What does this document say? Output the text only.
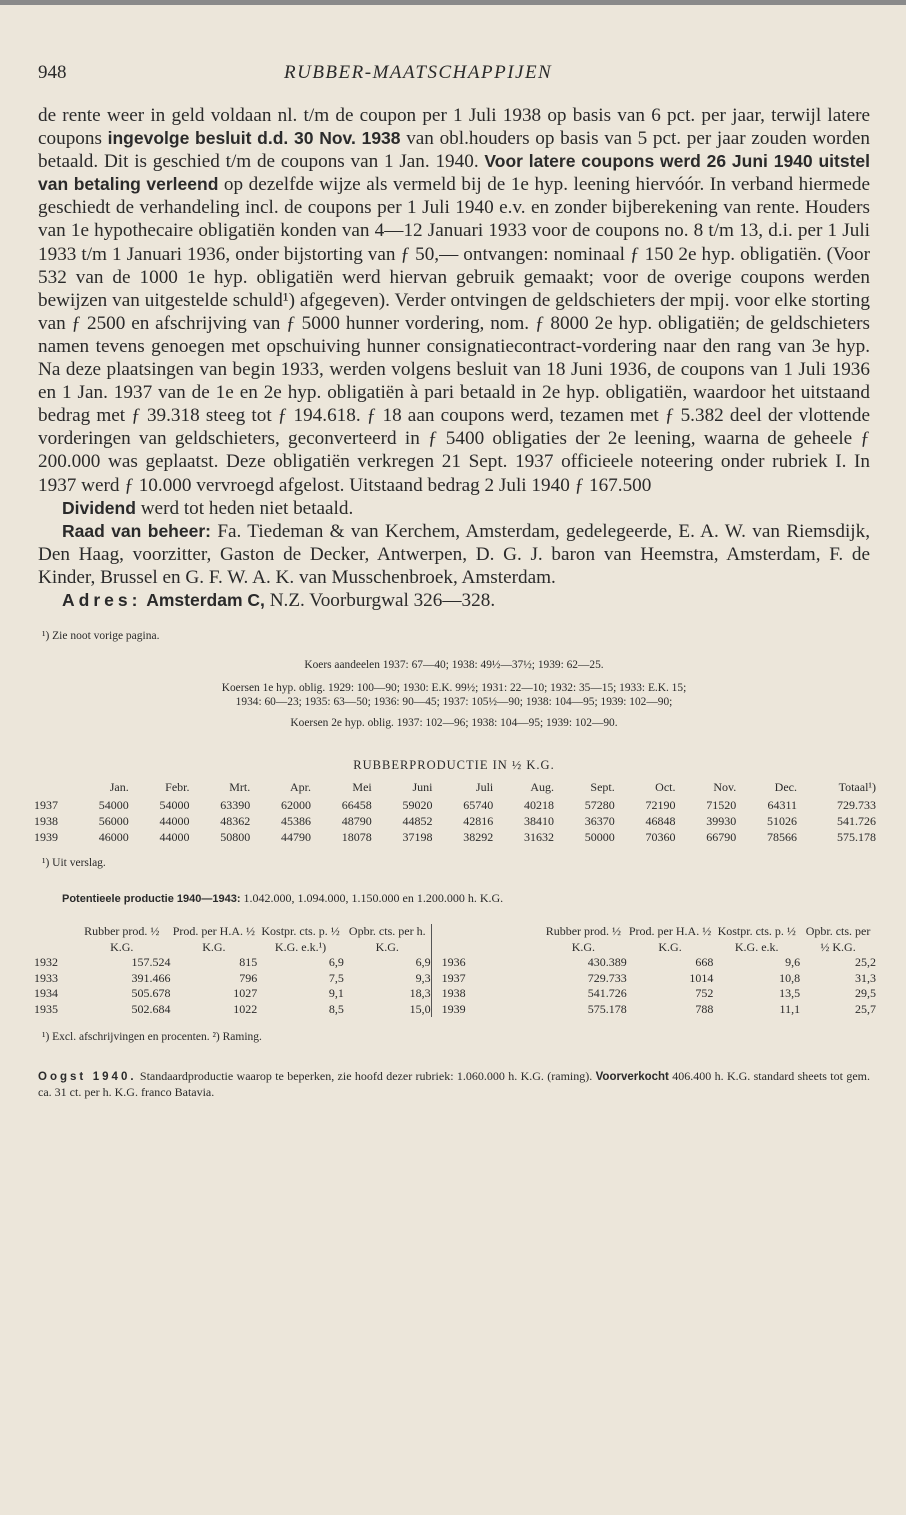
948	RUBBER-MAATSCHAPPIJEN

de rente weer in geld voldaan nl. t/m de coupon per 1 Juli 1938 op basis van 6 pct. per jaar, terwijl latere coupons ingevolge besluit d.d. 30 Nov. 1938 van obl.houders op basis van 5 pct. per jaar zouden worden betaald. Dit is geschied t/m de coupons van 1 Jan. 1940. Voor latere coupons werd 26 Juni 1940 uitstel van betaling verleend op dezelfde wijze als vermeld bij de 1e hyp. leening hiervóór. In verband hiermede geschiedt de verhandeling incl. de coupons per 1 Juli 1940 e.v. en zonder bijberekening van rente. Houders van 1e hypothecaire obligatiën konden van 4—12 Januari 1933 voor de coupons no. 8 t/m 13, d.i. per 1 Juli 1933 t/m 1 Januari 1936, onder bijstorting van ƒ 50,— ontvangen: nominaal ƒ 150 2e hyp. obligatiën. (Voor 532 van de 1000 1e hyp. obligatiën werd hiervan gebruik gemaakt; voor de overige coupons werden bewijzen van uitgestelde schuld¹) afgegeven). Verder ontvingen de geldschieters der mpij. voor elke storting van ƒ 2500 en afschrijving van ƒ 5000 hunner vordering, nom. ƒ 8000 2e hyp. obligatiën; de geldschieters namen tevens genoegen met opschuiving hunner consignatiecontract-vordering naar den rang van 3e hyp. Na deze plaatsingen van begin 1933, werden volgens besluit van 18 Juni 1936, de coupons van 1 Juli 1936 en 1 Jan. 1937 van de 1e en 2e hyp. obligatiën à pari betaald in 2e hyp. obligatiën, waardoor het uitstaand bedrag met ƒ 39.318 steeg tot ƒ 194.618. ƒ 18 aan coupons werd, tezamen met ƒ 5.382 deel der vlottende vorderingen van geldschieters, geconverteerd in ƒ 5400 obligaties der 2e leening, waarna de geheele ƒ 200.000 was geplaatst. Deze obligatiën verkregen 21 Sept. 1937 officieele noteering onder rubriek I. In 1937 werd ƒ 10.000 vervroegd afgelost. Uitstaand bedrag 2 Juli 1940 ƒ 167.500

Dividend werd tot heden niet betaald.

Raad van beheer: Fa. Tiedeman & van Kerchem, Amsterdam, gedelegeerde, E. A. W. van Riemsdijk, Den Haag, voorzitter, Gaston de Decker, Antwerpen, D. G. J. baron van Heemstra, Amsterdam, F. de Kinder, Brussel en G. F. W. A. K. van Musschenbroek, Amsterdam.

Adres: Amsterdam C, N.Z. Voorburgwal 326—328.

¹) Zie noot vorige pagina.
Koers aandeelen 1937: 67—40; 1938: 49½—37½; 1939: 62—25.
Koersen 1e hyp. oblig. 1929: 100—90; 1930: E.K. 99½; 1931: 22—10; 1932: 35—15; 1933: E.K. 15;
1934: 60—23; 1935: 63—50; 1936: 90—45; 1937: 105½—90; 1938: 104—95; 1939: 102—90;
Koersen 2e hyp. oblig. 1937: 102—96; 1938: 104—95; 1939: 102—90.
RUBBERPRODUCTIE IN ½ K.G.
	Jan.	Febr.	Mrt.	Apr.	Mei	Juni	Juli	Aug.	Sept.	Oct.	Nov.	Dec.	Totaal¹)
1937	54000	54000	63390	62000	66458	59020	65740	40218	57280	72190	71520	64311	729.733
1938	56000	44000	48362	45386	48790	44852	42816	38410	36370	46848	39930	51026	541.726
1939	46000	44000	50800	44790	18078	37198	38292	31632	50000	70360	66790	78566	575.178
¹) Uit verslag.
Potentieele productie 1940—1943: 1.042.000, 1.094.000, 1.150.000 en 1.200.000 h. K.G.
	Rubber prod. ½ K.G.	Prod. per H.A. ½ K.G.	Kostpr. cts. p. ½ K.G. e.k.¹)	Opbr. cts. per h. K.G.		Rubber prod. ½ K.G.	Prod. per H.A. ½ K.G.	Kostpr. cts. p. ½ K.G. e.k.	Opbr. cts. per ½ K.G.
1932	157.524	815	6,9	6,9	1936	430.389	668	9,6	25,2
1933	391.466	796	7,5	9,3	1937	729.733	1014	10,8	31,3
1934	505.678	1027	9,1	18,3	1938	541.726	752	13,5	29,5
1935	502.684	1022	8,5	15,0	1939	575.178	788	11,1	25,7
¹) Excl. afschrijvingen en procenten. ²) Raming.
Oogst 1940. Standaardproductie waarop te beperken, zie hoofd dezer rubriek: 1.060.000 h. K.G. (raming). Voorverkocht 406.400 h. K.G. standard sheets tot gem. ca. 31 ct. per h. K.G. franco Batavia.
